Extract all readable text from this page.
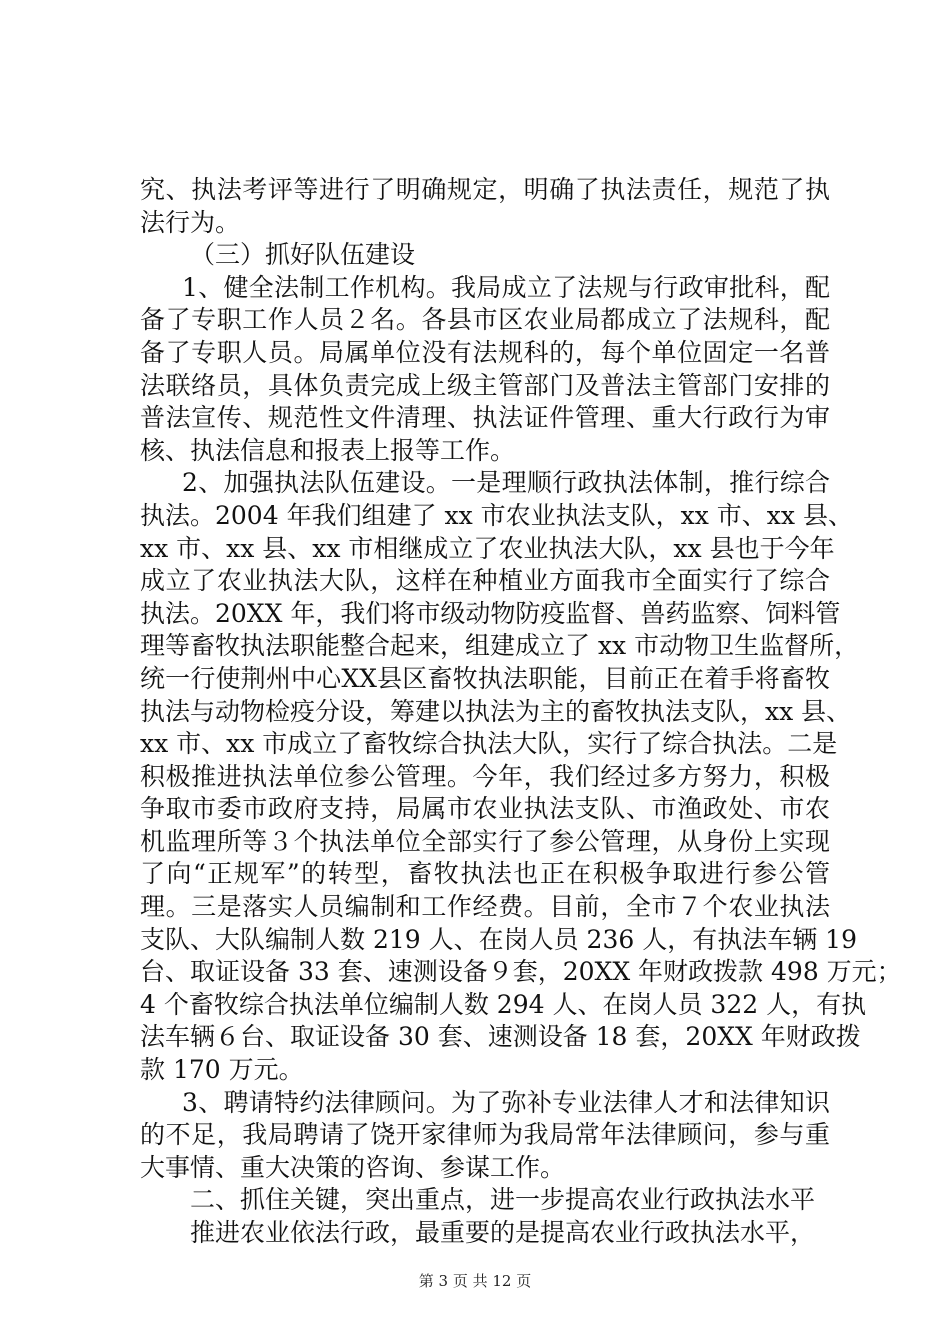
究、执法考评等进行了明确规定，明确了执法责任，规范了执
法行为。
（三）抓好队伍建设
1、健全法制工作机构。我局成立了法规与行政审批科，配
备了专职工作人员２名。各县市区农业局都成立了法规科，配
备了专职人员。局属单位没有法规科的，每个单位固定一名普
法联络员，具体负责完成上级主管部门及普法主管部门安排的
普法宣传、规范性文件清理、执法证件管理、重大行政行为审
核、执法信息和报表上报等工作。
2、加强执法队伍建设。一是理顺行政执法体制，推行综合
执法。2004 年我们组建了 xx 市农业执法支队，xx 市、xx 县、
xx 市、xx 县、xx 市相继成立了农业执法大队，xx 县也于今年
成立了农业执法大队，这样在种植业方面我市全面实行了综合
执法。20XX 年，我们将市级动物防疫监督、兽药监察、饲料管
理等畜牧执法职能整合起来，组建成立了 xx 市动物卫生监督所，
统一行使荆州中心XX县区畜牧执法职能，目前正在着手将畜牧
执法与动物检疫分设，筹建以执法为主的畜牧执法支队，xx 县、
xx 市、xx 市成立了畜牧综合执法大队，实行了综合执法。二是
积极推进执法单位参公管理。今年，我们经过多方努力，积极
争取市委市政府支持，局属市农业执法支队、市渔政处、市农
机监理所等３个执法单位全部实行了参公管理，从身份上实现
了向“正规军”的转型，畜牧执法也正在积极争取进行参公管
理。三是落实人员编制和工作经费。目前，全市７个农业执法
支队、大队编制人数 219 人、在岗人员 236 人，有执法车辆 19
台、取证设备 33 套、速测设备９套，20XX 年财政拨款 498 万元；
4 个畜牧综合执法单位编制人数 294 人、在岗人员 322 人，有执
法车辆６台、取证设备 30 套、速测设备 18 套，20XX 年财政拨
款 170 万元。
3、聘请特约法律顾问。为了弥补专业法律人才和法律知识
的不足，我局聘请了饶开家律师为我局常年法律顾问，参与重
大事情、重大决策的咨询、参谋工作。
二、抓住关键，突出重点，进一步提高农业行政执法水平
推进农业依法行政，最重要的是提高农业行政执法水平，
第 3 页 共 12 页
